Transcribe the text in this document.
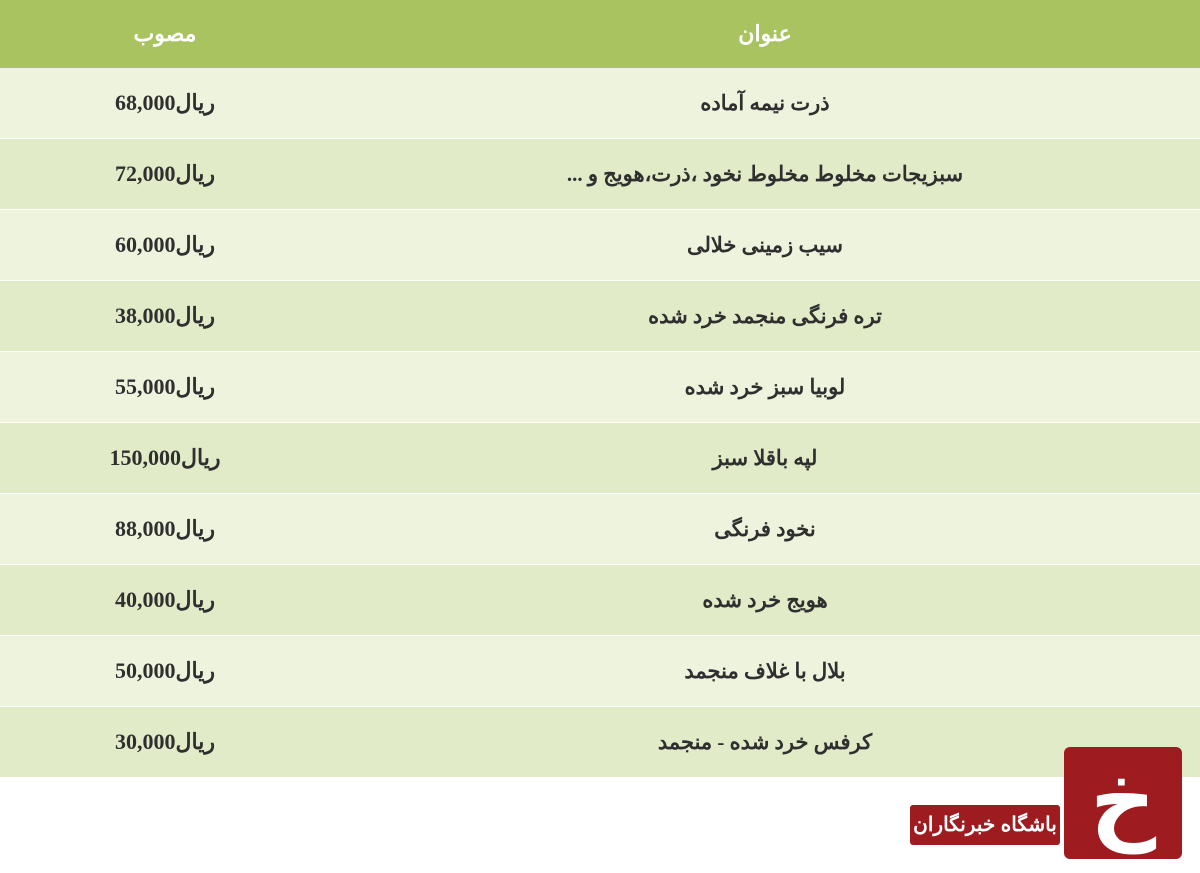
عنوان	مصوب
ذرت نیمه آماده	ریال68,000
سبزیجات مخلوط مخلوط نخود ،ذرت،هویج و ...	ریال72,000
سیب زمینی خلالی	ریال60,000
تره فرنگی منجمد خرد شده	ریال38,000
لوبیا سبز خرد شده	ریال55,000
لپه باقلا سبز	ریال150,000
نخود فرنگی	ریال88,000
هویج خرد شده	ریال40,000
بلال با غلاف منجمد	ریال50,000
کرفس خرد شده - منجمد	ریال30,000
خ
باشگاه خبرنگاران
